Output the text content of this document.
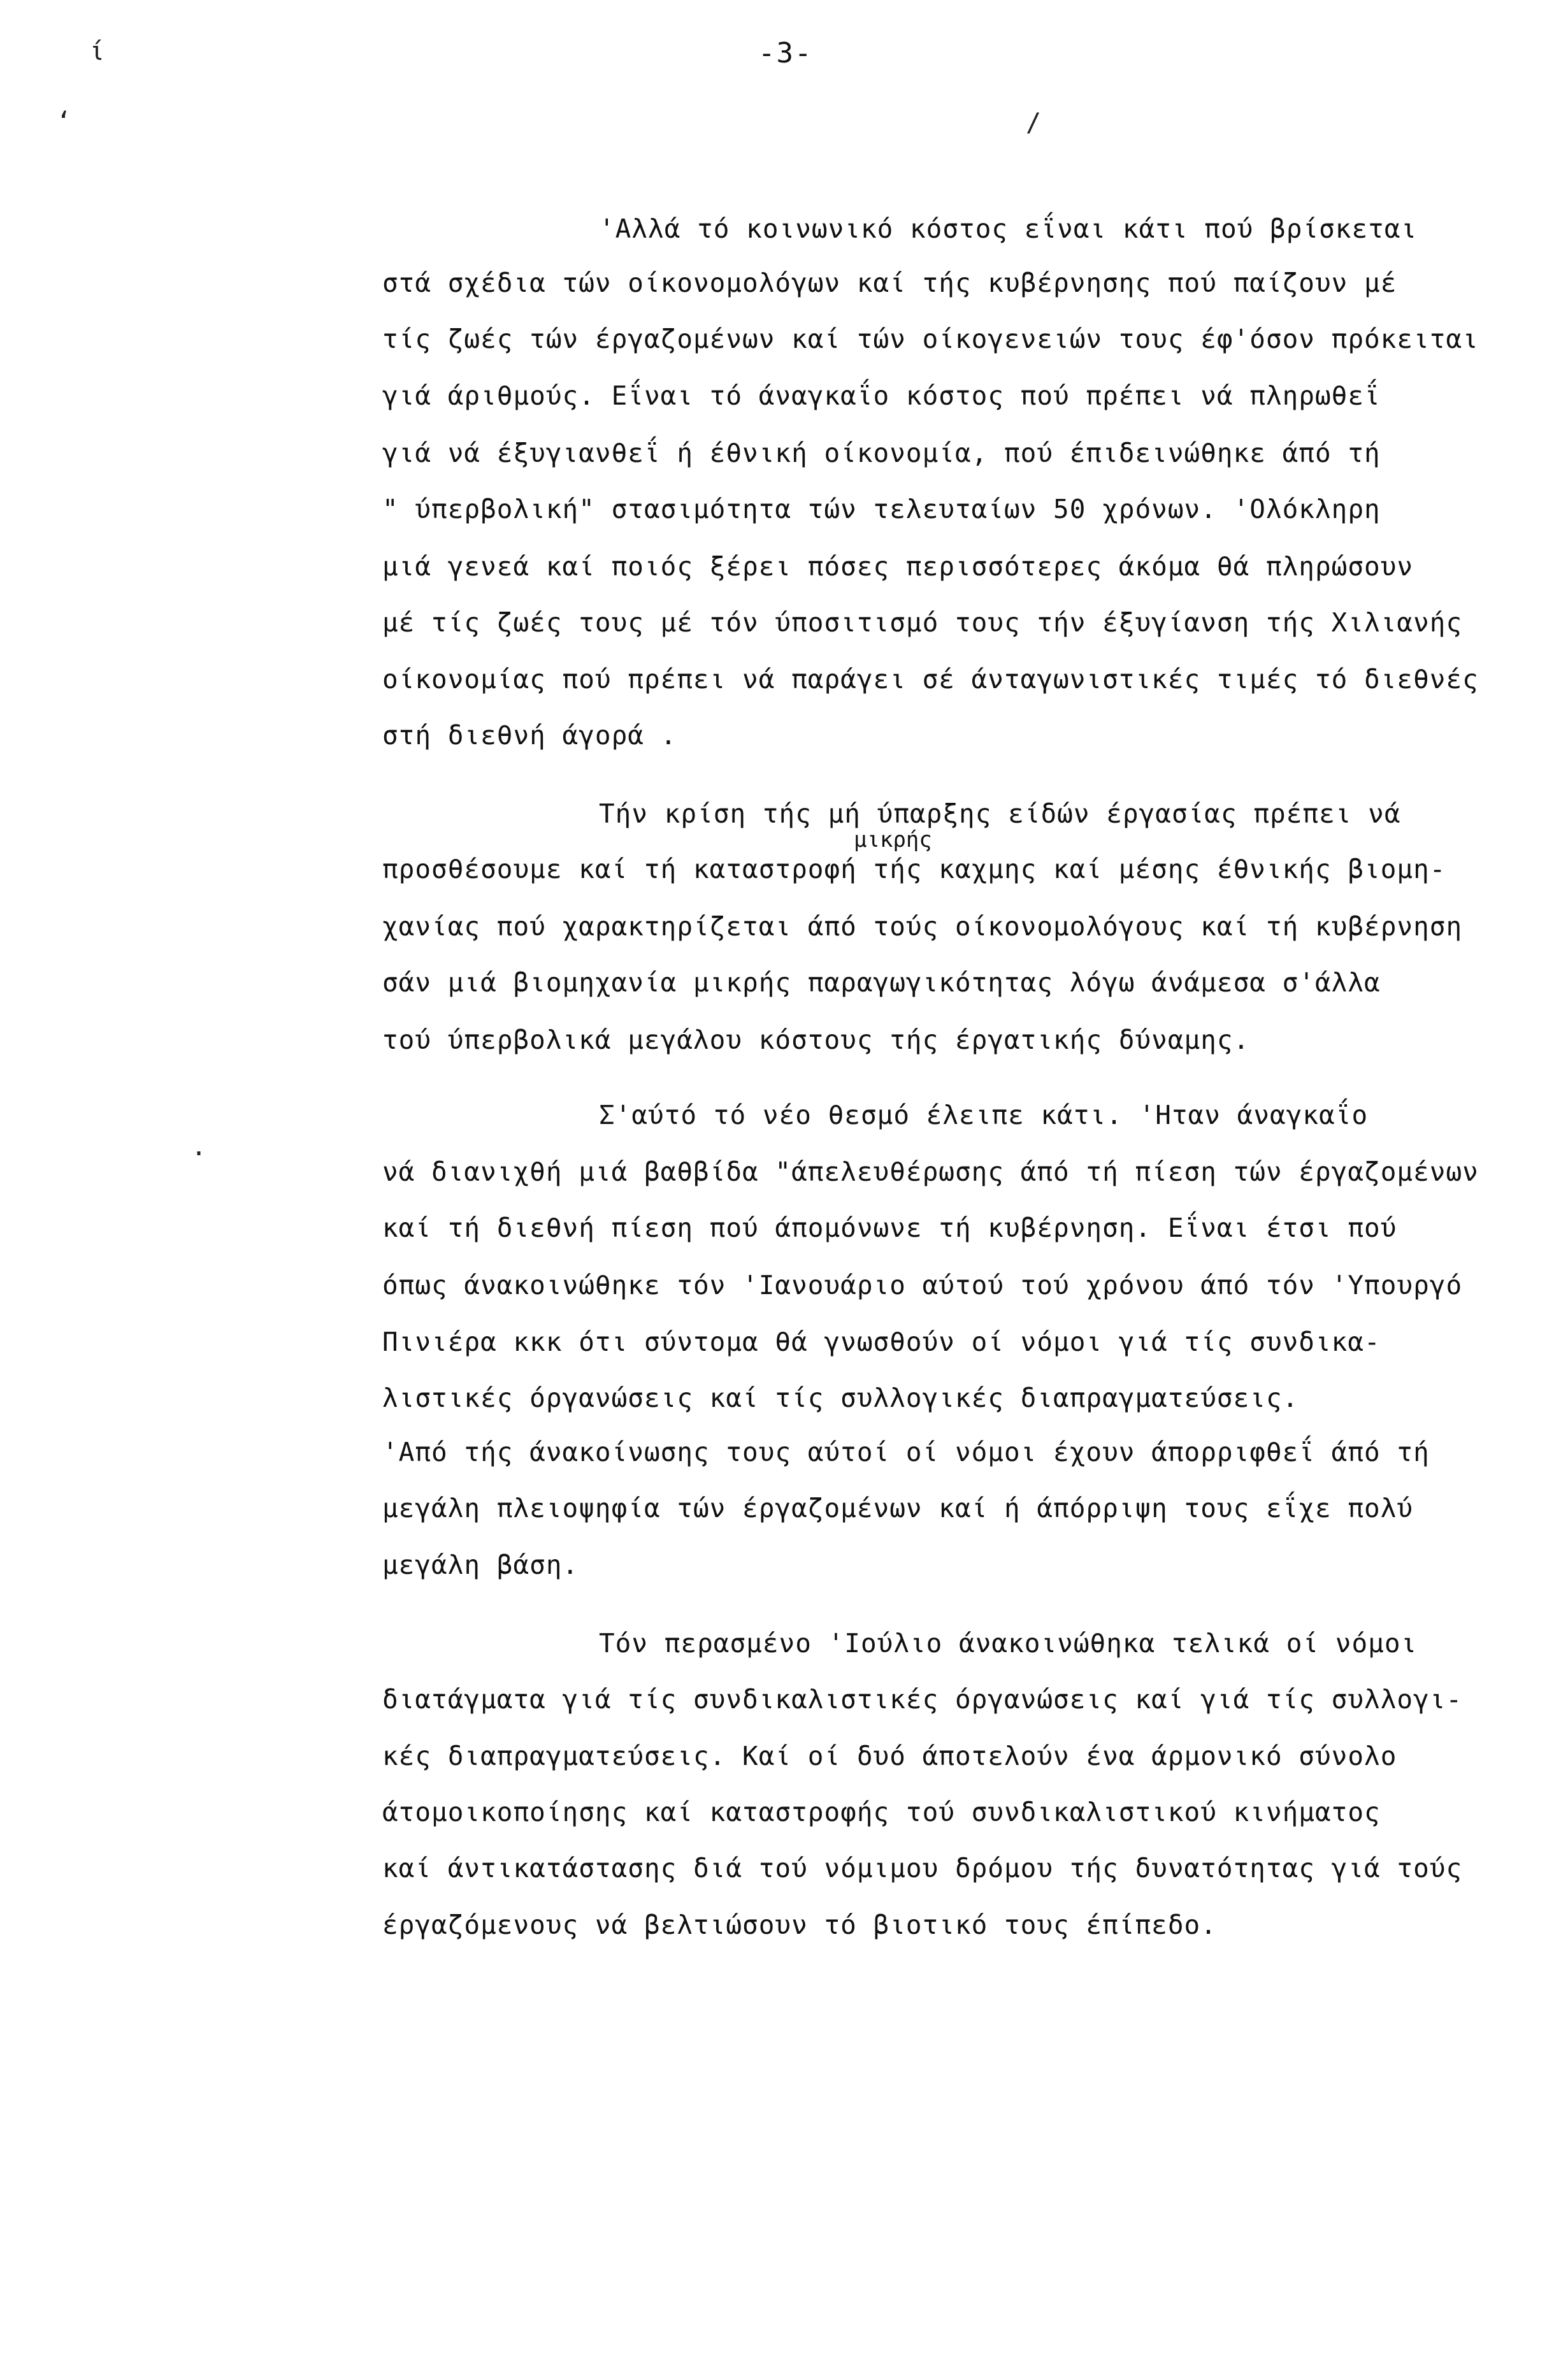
-3-
ί
‘	/
·
'Αλλά τό κοινωνικό κόστος εΐναι κάτι πού βρίσκεται
στά σχέδια τών οίκονομολόγων καί τής κυβέρνησης πού παίζουν μέ
τίς ζωές τών έργαζομένων καί τών οίκογενειών τους έφ'όσον πρόκειται
γιά άριθμούς. Εΐναι τό άναγκαΐο κόστος πού πρέπει νά πληρωθεΐ
γιά νά έξυγιανθεΐ ή έθνική οίκονομία, πού έπιδεινώθηκε άπό τή
" ύπερβολική" στασιμότητα τών τελευταίων 50 χρόνων. 'Ολόκληρη
μιά γενεά καί ποιός ξέρει πόσες περισσότερες άκόμα θά πληρώσουν
μέ τίς ζωές τους μέ τόν ύποσιτισμό τους τήν έξυγίανση τής Χιλιανής
οίκονομίας πού πρέπει νά παράγει σέ άνταγωνιστικές τιμές τό διεθνές
στή διεθνή άγορά .
Τήν κρίση τής μή ύπαρξης είδών έργασίας πρέπει νά
μικρής
προσθέσουμε καί τή καταστροφή τής καχμης καί μέσης έθνικής βιομη-
χανίας πού χαρακτηρίζεται άπό τούς οίκονομολόγους καί τή κυβέρνηση
σάν μιά βιομηχανία μικρής παραγωγικότητας λόγω άνάμεσα σ'άλλα
τού ύπερβολικά μεγάλου κόστους τής έργατικής δύναμης.
Σ'αύτό τό νέο θεσμό έλειπε κάτι. 'Ηταν άναγκαΐο
νά διανιχθή μιά βαθβίδα "άπελευθέρωσης άπό τή πίεση τών έργαζομένων
καί τή διεθνή πίεση πού άπομόνωνε τή κυβέρνηση. Εΐναι έτσι πού
όπως άνακοινώθηκε τόν 'Ιανουάριο αύτού τού χρόνου άπό τόν 'Υπουργό
Πινιέρα κκκ ότι σύντομα θά γνωσθούν οί νόμοι γιά τίς συνδικα-
λιστικές όργανώσεις καί τίς συλλογικές διαπραγματεύσεις.
'Από τής άνακοίνωσης τους αύτοί οί νόμοι έχουν άπορριφθεΐ άπό τή
μεγάλη πλειοψηφία τών έργαζομένων καί ή άπόρριψη τους εΐχε πολύ
μεγάλη βάση.
Τόν περασμένο 'Ιούλιο άνακοινώθηκα τελικά οί νόμοι
διατάγματα γιά τίς συνδικαλιστικές όργανώσεις καί γιά τίς συλλογι-
κές διαπραγματεύσεις. Καί οί δυό άποτελούν ένα άρμονικό σύνολο
άτομοικοποίησης καί καταστροφής τού συνδικαλιστικού κινήματος
καί άντικατάστασης διά τού νόμιμου δρόμου τής δυνατότητας γιά τούς
έργαζόμενους νά βελτιώσουν τό βιοτικό τους έπίπεδο.
